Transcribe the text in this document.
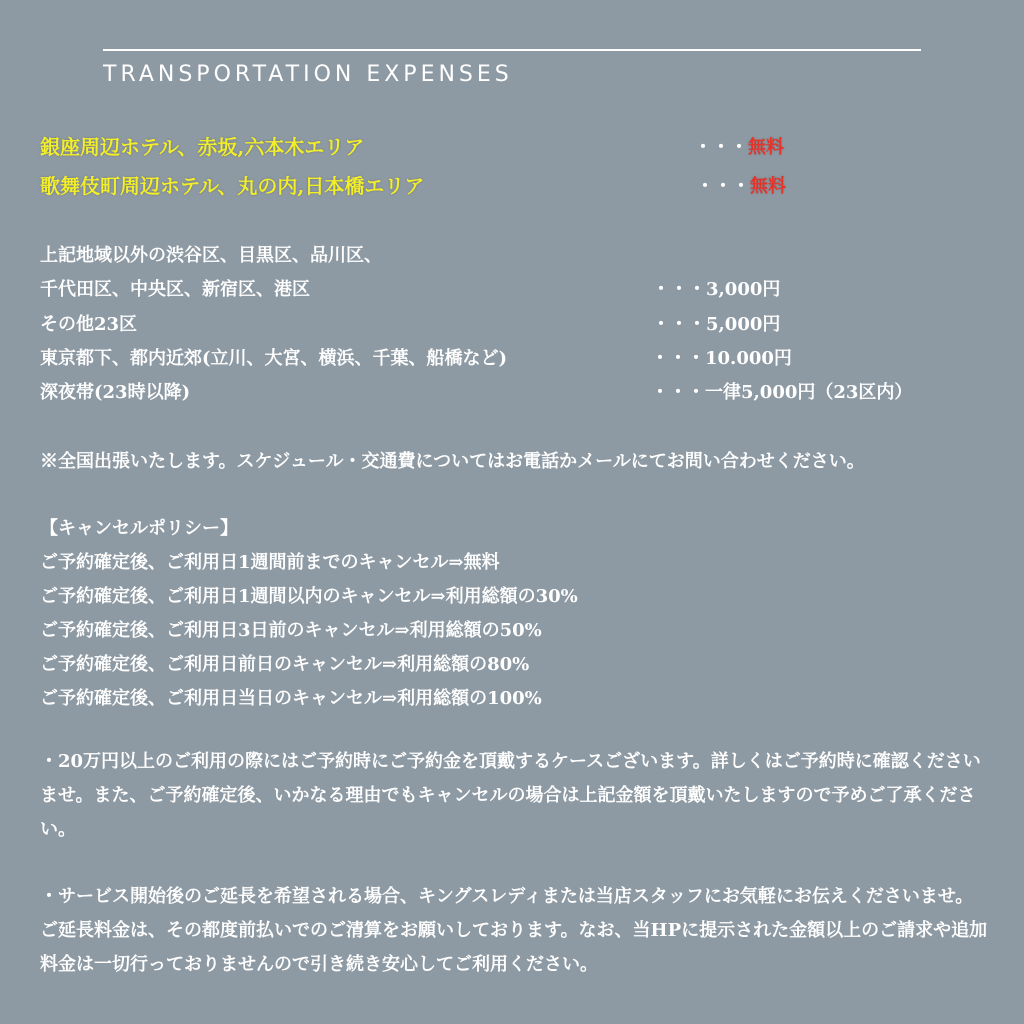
TRANSPORTATION EXPENSES
銀座周辺ホテル、赤坂,六本木エリア	・・・無料
歌舞伎町周辺ホテル、丸の内,日本橋エリア	・・・無料
上記地域以外の渋谷区、目黒区、品川区、
千代田区、中央区、新宿区、港区	・・・3,000円
その他23区	・・・5,000円
東京都下、都内近郊(立川、大宮、横浜、千葉、船橋など)	・・・10.000円
深夜帯(23時以降)	・・・一律5,000円（23区内）
※全国出張いたします。スケジュール・交通費についてはお電話かメールにてお問い合わせください。
【キャンセルポリシー】
ご予約確定後、ご利用日1週間前までのキャンセル⇒無料
ご予約確定後、ご利用日1週間以内のキャンセル⇒利用総額の30%
ご予約確定後、ご利用日3日前のキャンセル⇒利用総額の50%
ご予約確定後、ご利用日前日のキャンセル⇒利用総額の80%
ご予約確定後、ご利用日当日のキャンセル⇒利用総額の100%
・20万円以上のご利用の際にはご予約時にご予約金を頂戴するケースございます。詳しくはご予約時に確認くださいませ。また、ご予約確定後、いかなる理由でもキャンセルの場合は上記金額を頂戴いたしますので予めご了承ください。
・サービス開始後のご延長を希望される場合、キングスレディまたは当店スタッフにお気軽にお伝えくださいませ。ご延長料金は、その都度前払いでのご清算をお願いしております。なお、当HPに提示された金額以上のご請求や追加料金は一切行っておりませんので引き続き安心してご利用ください。
